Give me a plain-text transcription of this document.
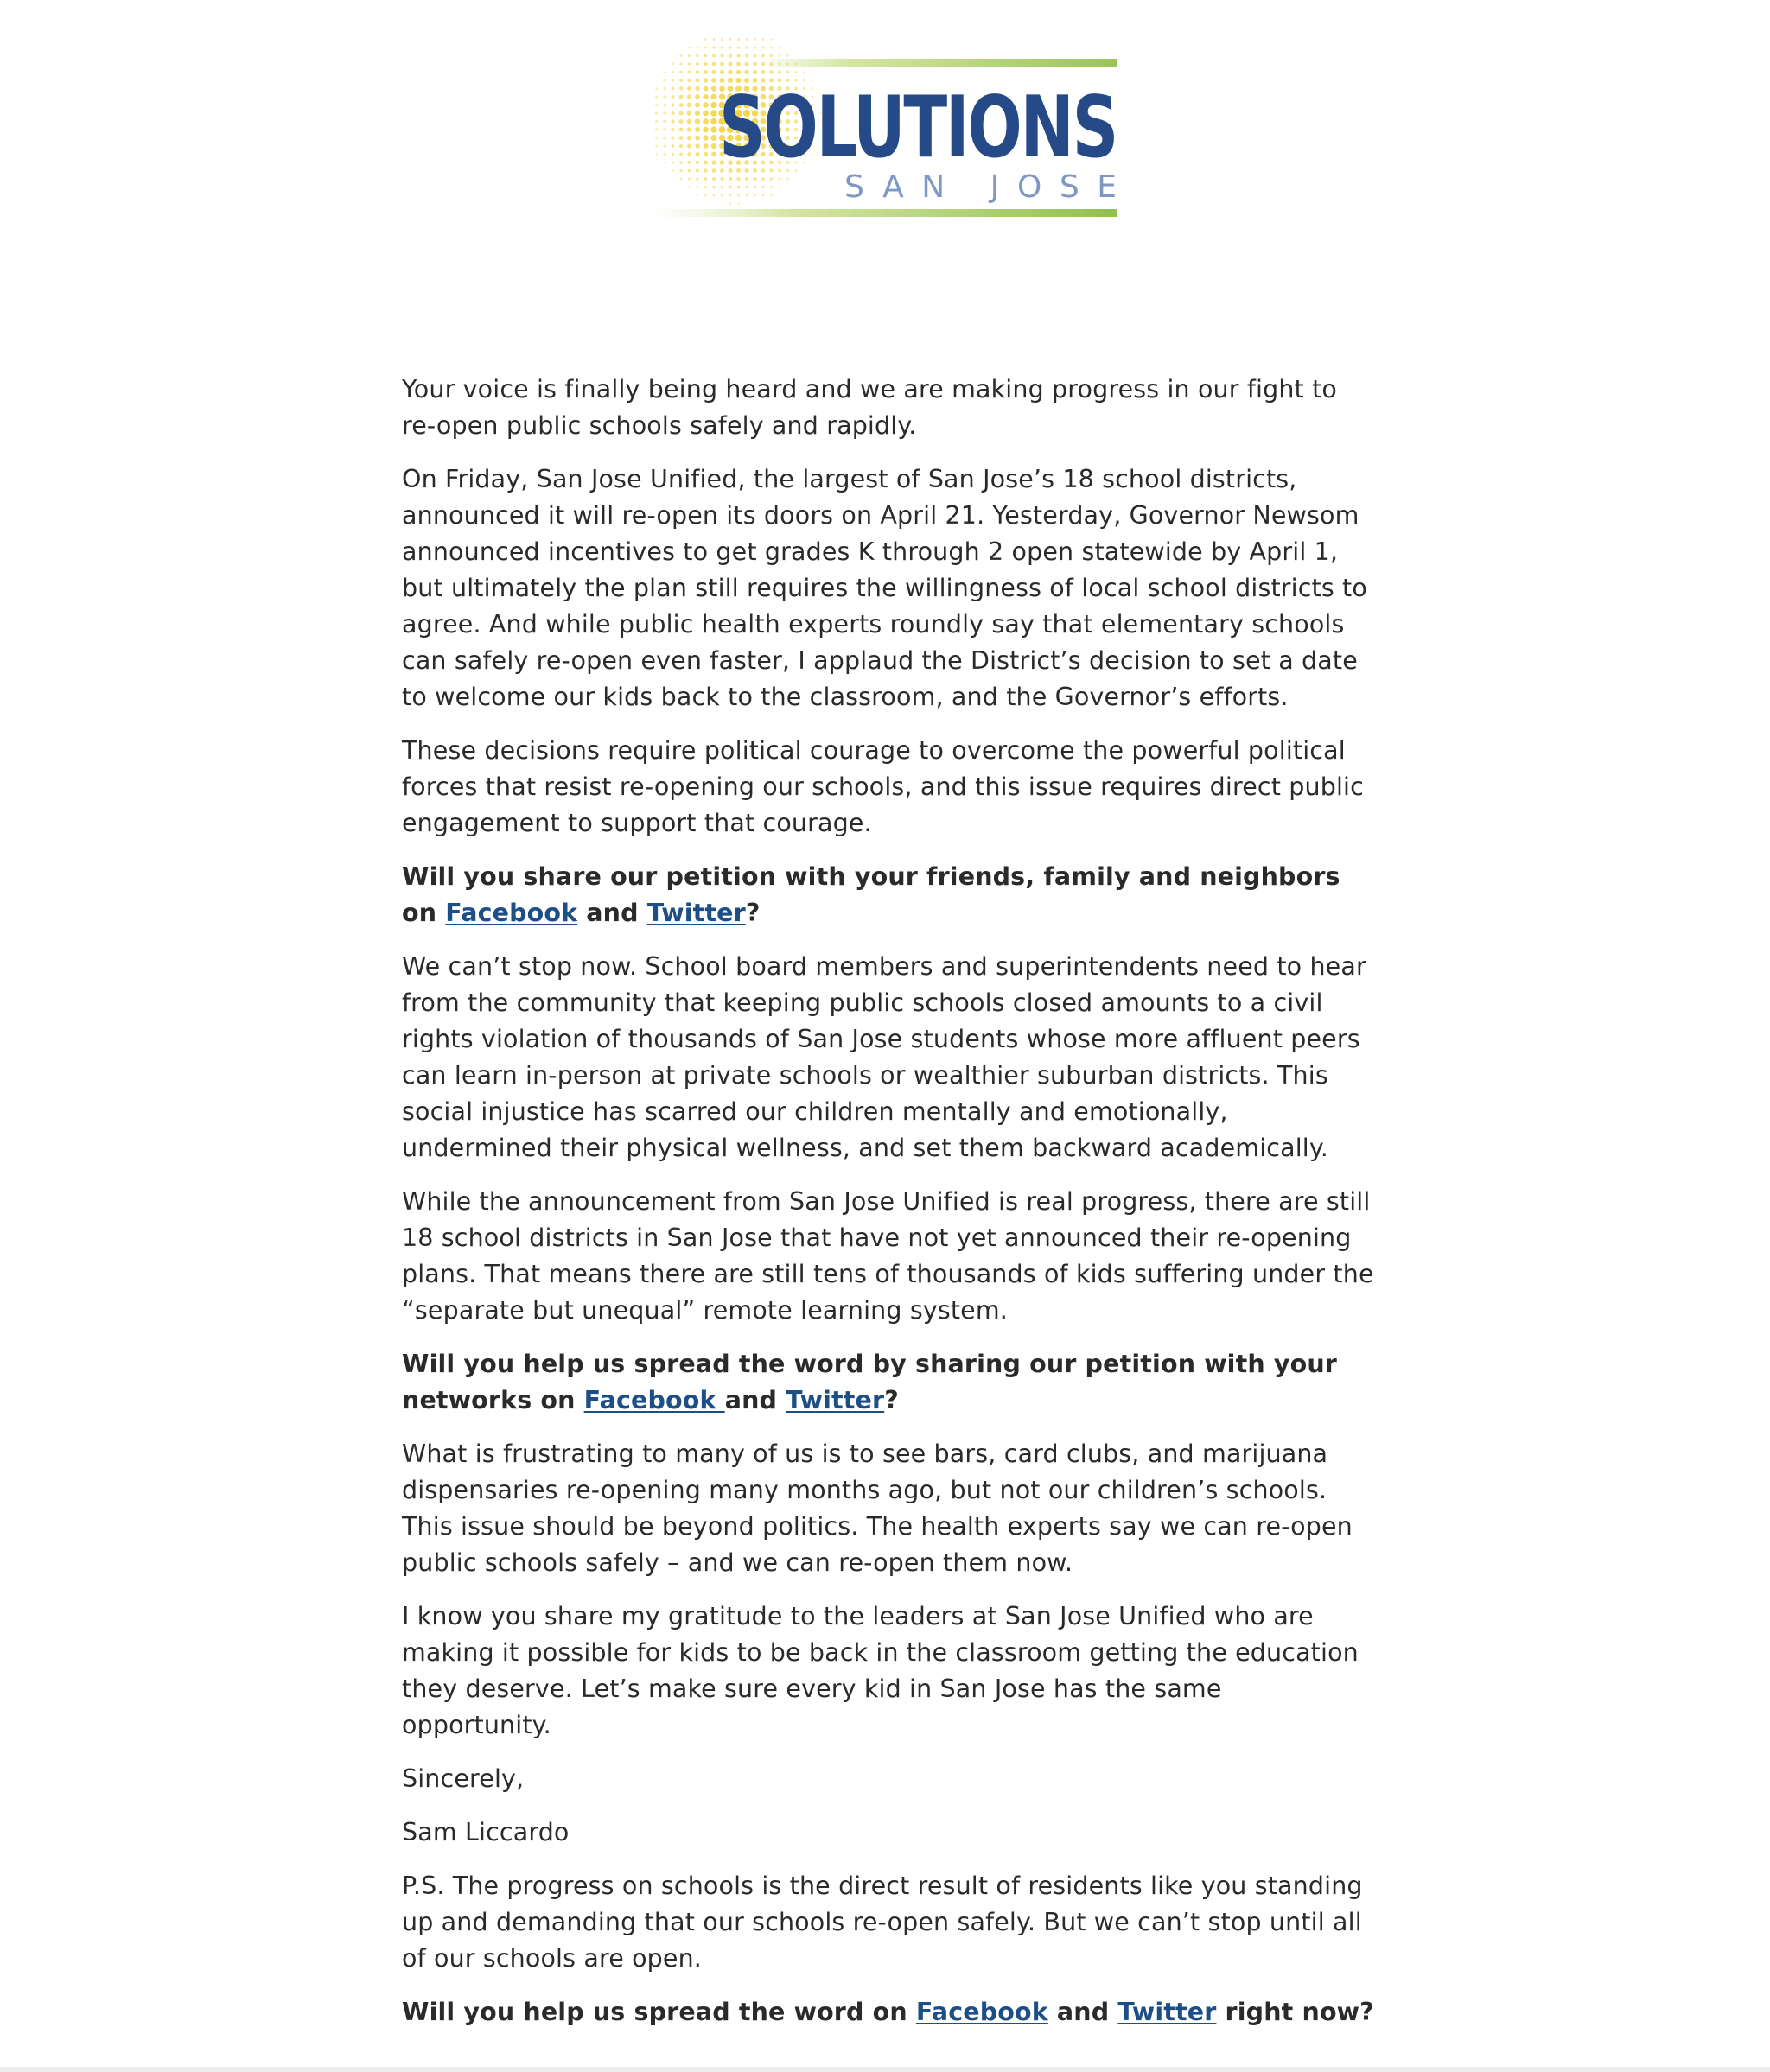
SOLUTIONS
SAN JOSE

Your voice is finally being heard and we are making progress in our fight to re-open public schools safely and rapidly.

On Friday, San Jose Unified, the largest of San Jose’s 18 school districts, announced it will re-open its doors on April 21. Yesterday, Governor Newsom announced incentives to get grades K through 2 open statewide by April 1, but ultimately the plan still requires the willingness of local school districts to agree. And while public health experts roundly say that elementary schools can safely re-open even faster, I applaud the District’s decision to set a date to welcome our kids back to the classroom, and the Governor’s efforts.

These decisions require political courage to overcome the powerful political forces that resist re-opening our schools, and this issue requires direct public engagement to support that courage.

Will you share our petition with your friends, family and neighbors on Facebook and Twitter?

We can’t stop now. School board members and superintendents need to hear from the community that keeping public schools closed amounts to a civil rights violation of thousands of San Jose students whose more affluent peers can learn in-person at private schools or wealthier suburban districts. This social injustice has scarred our children mentally and emotionally, undermined their physical wellness, and set them backward academically.

While the announcement from San Jose Unified is real progress, there are still 18 school districts in San Jose that have not yet announced their re-opening plans. That means there are still tens of thousands of kids suffering under the “separate but unequal” remote learning system.

Will you help us spread the word by sharing our petition with your networks on Facebook and Twitter?

What is frustrating to many of us is to see bars, card clubs, and marijuana dispensaries re-opening many months ago, but not our children’s schools. This issue should be beyond politics. The health experts say we can re-open public schools safely – and we can re-open them now.

I know you share my gratitude to the leaders at San Jose Unified who are making it possible for kids to be back in the classroom getting the education they deserve. Let’s make sure every kid in San Jose has the same opportunity.

Sincerely,

Sam Liccardo

P.S. The progress on schools is the direct result of residents like you standing up and demanding that our schools re-open safely. But we can’t stop until all of our schools are open.

Will you help us spread the word on Facebook and Twitter right now?
